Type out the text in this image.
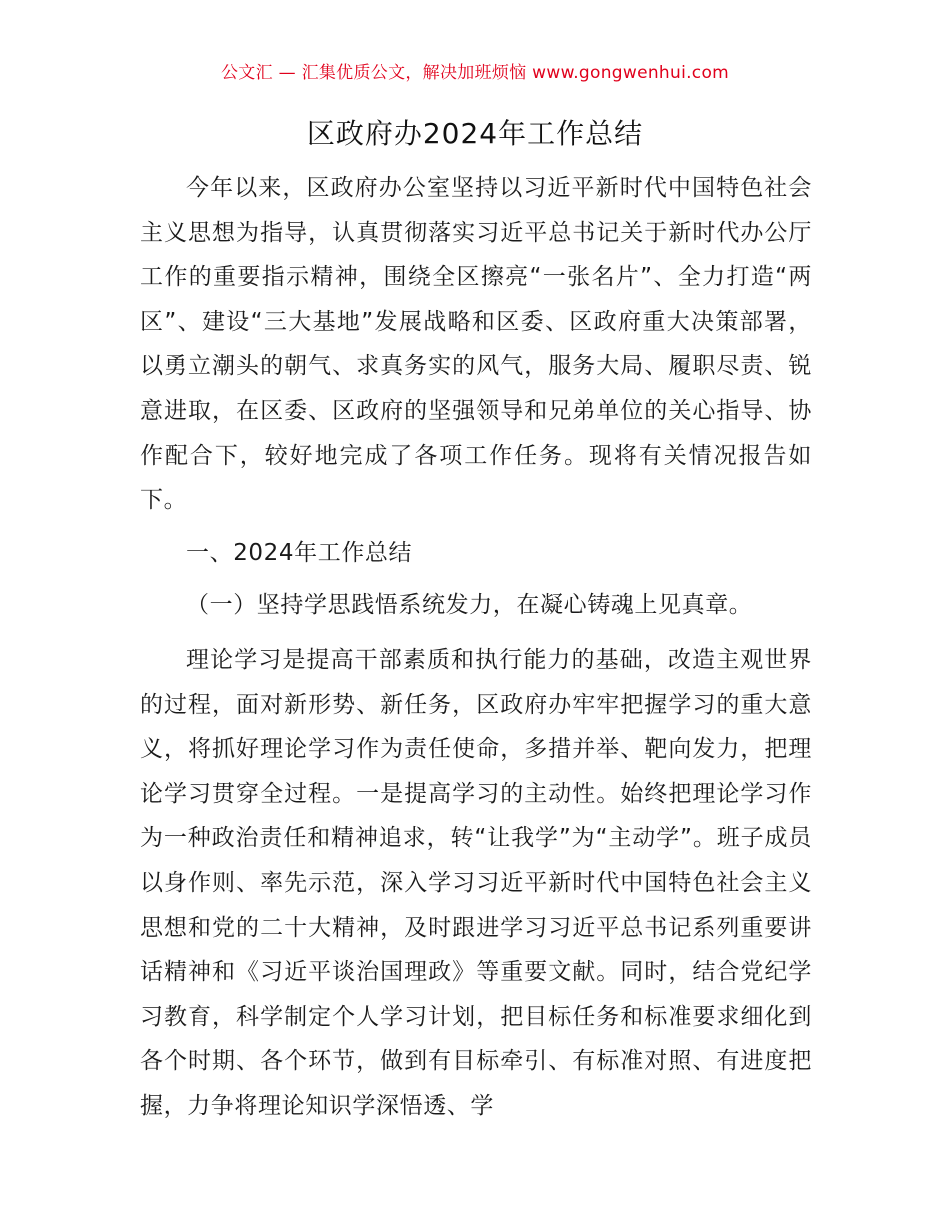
公文汇 — 汇集优质公文，解决加班烦恼 www.gongwenhui.com
区政府办2024年工作总结

今年以来，区政府办公室坚持以习近平新时代中国特色社会主义思想为指导，认真贯彻落实习近平总书记关于新时代办公厅工作的重要指示精神，围绕全区擦亮“一张名片”、全力打造“两区”、建设“三大基地”发展战略和区委、区政府重大决策部署，以勇立潮头的朝气、求真务实的风气，服务大局、履职尽责、锐意进取，在区委、区政府的坚强领导和兄弟单位的关心指导、协作配合下，较好地完成了各项工作任务。现将有关情况报告如下。

一、2024年工作总结

（一）坚持学思践悟系统发力，在凝心铸魂上见真章。

理论学习是提高干部素质和执行能力的基础，改造主观世界的过程，面对新形势、新任务，区政府办牢牢把握学习的重大意义，将抓好理论学习作为责任使命，多措并举、靶向发力，把理论学习贯穿全过程。一是提高学习的主动性。始终把理论学习作为一种政治责任和精神追求，转“让我学”为“主动学”。班子成员以身作则、率先示范，深入学习习近平新时代中国特色社会主义思想和党的二十大精神，及时跟进学习习近平总书记系列重要讲话精神和《习近平谈治国理政》等重要文献。同时，结合党纪学习教育，科学制定个人学习计划，把目标任务和标准要求细化到各个时期、各个环节，做到有目标牵引、有标准对照、有进度把握，力争将理论知识学深悟透、学
